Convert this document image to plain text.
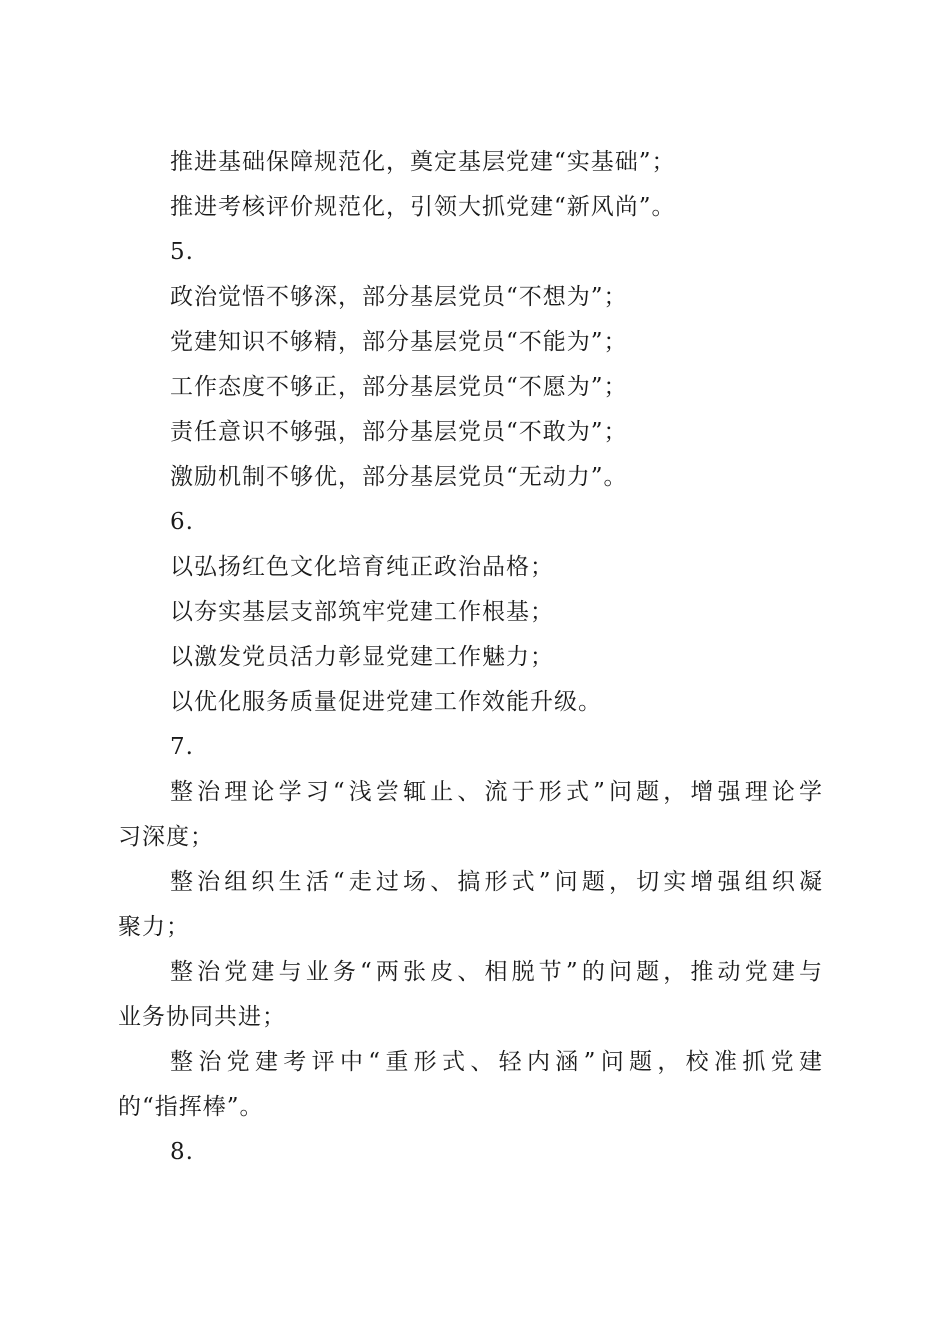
推进基础保障规范化，奠定基层党建“实基础”；
推进考核评价规范化，引领大抓党建“新风尚”。
5.
政治觉悟不够深，部分基层党员“不想为”；
党建知识不够精，部分基层党员“不能为”；
工作态度不够正，部分基层党员“不愿为”；
责任意识不够强，部分基层党员“不敢为”；
激励机制不够优，部分基层党员“无动力”。
6.
以弘扬红色文化培育纯正政治品格；
以夯实基层支部筑牢党建工作根基；
以激发党员活力彰显党建工作魅力；
以优化服务质量促进党建工作效能升级。
7.
整治理论学习“浅尝辄止、流于形式”问题，增强理论学
习深度；
整治组织生活“走过场、搞形式”问题，切实增强组织凝
聚力；
整治党建与业务“两张皮、相脱节”的问题，推动党建与
业务协同共进；
整治党建考评中“重形式、轻内涵”问题，校准抓党建
的“指挥棒”。
8.
